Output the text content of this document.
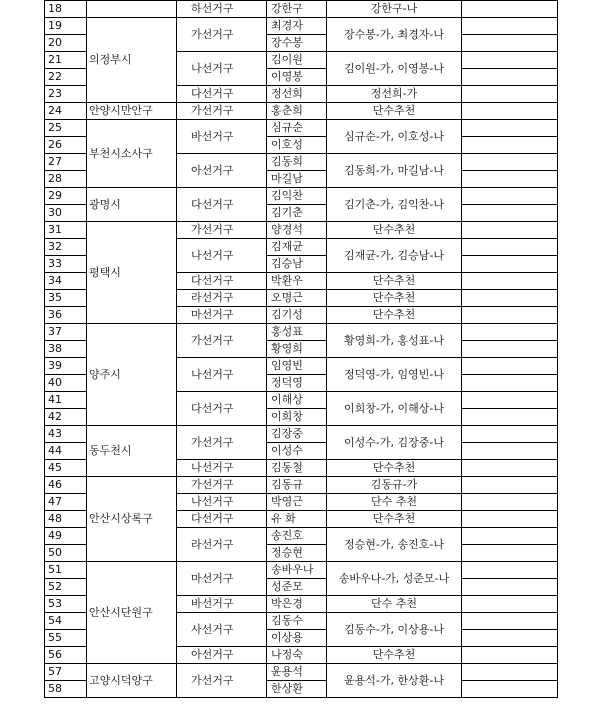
18		하선거구	강한구	강한구-나	
19	의정부시	가선거구	최경자	장수봉-가, 최경자-나	
20			장수봉		
21		나선거구	김이원	김이원-가, 이영봉-나	
22			이영봉		
23		다선거구	정선희	정선희-가	
24	안양시만안구	가선거구	홍춘희	단수추천	
25	부천시소사구	바선거구	심규순	심규순-가, 이호성-나	
26			이호성		
27		아선거구	김동희	김동희-가, 마길남-나	
28			마길남		
29	광명시	다선거구	김익찬	김기춘-가, 김익찬-나	
30			김기춘		
31	평택시	가선거구	양경석	단수추천	
32		나선거구	김재균	김재균-가, 김승남-나	
33			김승남		
34		다선거구	박환우	단수추천	
35		라선거구	오명근	단수추천	
36		마선거구	김기성	단수추천	
37	양주시	가선거구	홍성표	황영희-가, 홍성표-나	
38			황영희		
39		나선거구	임영빈	정덕영-가, 임영빈-나	
40			정덕영		
41		다선거구	이해상	이희창-가, 이해상-나	
42			이희창		
43	동두천시	가선거구	김장중	이성수-가, 김장중-나	
44			이성수		
45		나선거구	김동철	단수추천	
46	안산시상록구	가선거구	김동규	김동규-가	
47		나선거구	박영근	단수 추천	
48		다선거구	유 화	단수추천	
49		라선거구	송진호	정승현-가, 송진호-나	
50			정승현		
51	안산시단원구	마선거구	송바우나	송바우나-가, 성준모-나	
52			성준모		
53		바선거구	박은경	단수 추천	
54		사선거구	김동수	김동수-가, 이상용-나	
55			이상용		
56		아선거구	나정숙	단수추천	
57	고양시덕양구	가선거구	윤용석	윤용석-가, 한상환-나	
58			한상환		
